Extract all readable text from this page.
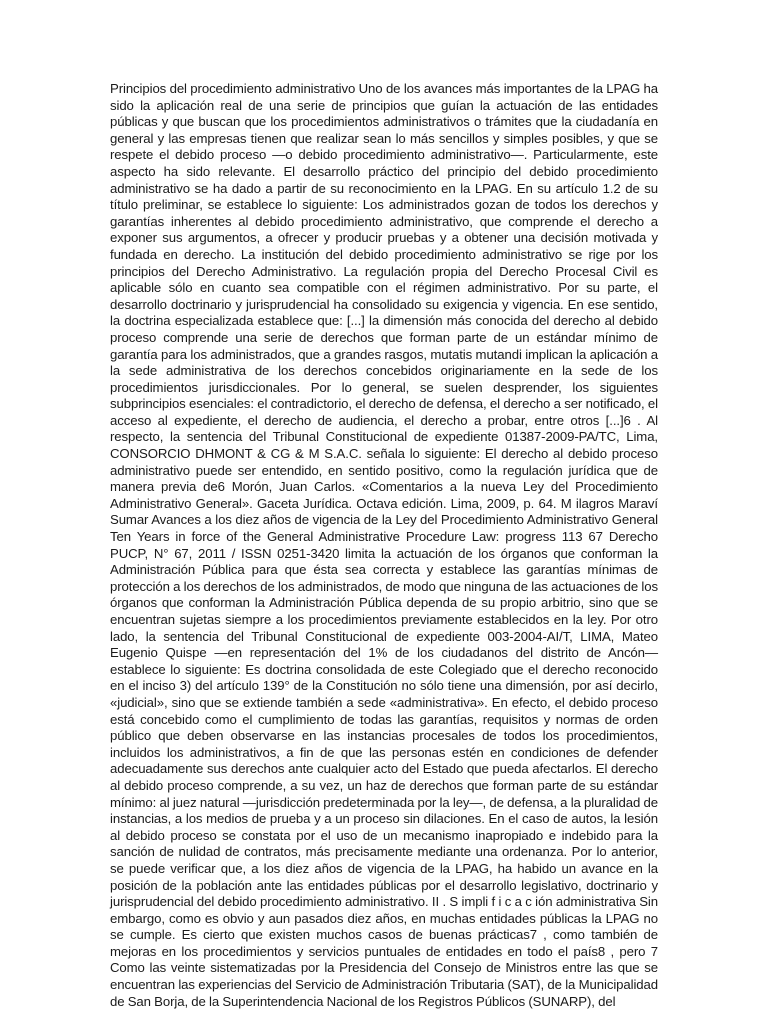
Principios del procedimiento administrativo Uno de los avances más importantes de la LPAG ha sido la aplicación real de una serie de principios que guían la actuación de las entidades públicas y que buscan que los procedimientos administrativos o trámites que la ciudadanía en general y las empresas tienen que realizar sean lo más sencillos y simples posibles, y que se respete el debido proceso —o debido procedimiento administrativo—. Particularmente, este aspecto ha sido relevante. El desarrollo práctico del principio del debido procedimiento administrativo se ha dado a partir de su reconocimiento en la LPAG. En su artículo 1.2 de su título preliminar, se establece lo siguiente: Los administrados gozan de todos los derechos y garantías inherentes al debido procedimiento administrativo, que comprende el derecho a exponer sus argumentos, a ofrecer y producir pruebas y a obtener una decisión motivada y fundada en derecho. La institución del debido procedimiento administrativo se rige por los principios del Derecho Administrativo. La regulación propia del Derecho Procesal Civil es aplicable sólo en cuanto sea compatible con el régimen administrativo. Por su parte, el desarrollo doctrinario y jurisprudencial ha consolidado su exigencia y vigencia. En ese sentido, la doctrina especializada establece que: [...] la dimensión más conocida del derecho al debido proceso comprende una serie de derechos que forman parte de un estándar mínimo de garantía para los administrados, que a grandes rasgos, mutatis mutandi implican la aplicación a la sede administrativa de los derechos concebidos originariamente en la sede de los procedimientos jurisdiccionales. Por lo general, se suelen desprender, los siguientes subprincipios esenciales: el contradictorio, el derecho de defensa, el derecho a ser notificado, el acceso al expediente, el derecho de audiencia, el derecho a probar, entre otros [...]6 . Al respecto, la sentencia del Tribunal Constitucional de expediente 01387-2009-PA/TC, Lima, CONSORCIO DHMONT & CG & M S.A.C. señala lo siguiente: El derecho al debido proceso administrativo puede ser entendido, en sentido positivo, como la regulación jurídica que de manera previa de6 Morón, Juan Carlos. «Comentarios a la nueva Ley del Procedimiento Administrativo General». Gaceta Jurídica. Octava edición. Lima, 2009, p. 64. M ilagros Maraví Sumar Avances a los diez años de vigencia de la Ley del Procedimiento Administrativo General Ten Years in force of the General Administrative Procedure Law: progress 113 67 Derecho PUCP, N° 67, 2011 / ISSN 0251-3420 limita la actuación de los órganos que conforman la Administración Pública para que ésta sea correcta y establece las garantías mínimas de protección a los derechos de los administrados, de modo que ninguna de las actuaciones de los órganos que conforman la Administración Pública dependa de su propio arbitrio, sino que se encuentran sujetas siempre a los procedimientos previamente establecidos en la ley. Por otro lado, la sentencia del Tribunal Constitucional de expediente 003-2004-AI/T, LIMA, Mateo Eugenio Quispe —en representación del 1% de los ciudadanos del distrito de Ancón— establece lo siguiente: Es doctrina consolidada de este Colegiado que el derecho reconocido en el inciso 3) del artículo 139° de la Constitución no sólo tiene una dimensión, por así decirlo, «judicial», sino que se extiende también a sede «administrativa». En efecto, el debido proceso está concebido como el cumplimiento de todas las garantías, requisitos y normas de orden público que deben observarse en las instancias procesales de todos los procedimientos, incluidos los administrativos, a fin de que las personas estén en condiciones de defender adecuadamente sus derechos ante cualquier acto del Estado que pueda afectarlos. El derecho al debido proceso comprende, a su vez, un haz de derechos que forman parte de su estándar mínimo: al juez natural —jurisdicción predeterminada por la ley—, de defensa, a la pluralidad de instancias, a los medios de prueba y a un proceso sin dilaciones. En el caso de autos, la lesión al debido proceso se constata por el uso de un mecanismo inapropiado e indebido para la sanción de nulidad de contratos, más precisamente mediante una ordenanza. Por lo anterior, se puede verificar que, a los diez años de vigencia de la LPAG, ha habido un avance en la posición de la población ante las entidades públicas por el desarrollo legislativo, doctrinario y jurisprudencial del debido procedimiento administrativo. II . S impli f i c a c ión administrativa Sin embargo, como es obvio y aun pasados diez años, en muchas entidades públicas la LPAG no se cumple. Es cierto que existen muchos casos de buenas prácticas7 , como también de mejoras en los procedimientos y servicios puntuales de entidades en todo el país8 , pero 7 Como las veinte sistematizadas por la Presidencia del Consejo de Ministros entre las que se encuentran las experiencias del Servicio de Administración Tributaria (SAT), de la Municipalidad de San Borja, de la Superintendencia Nacional de los Registros Públicos (SUNARP), del
